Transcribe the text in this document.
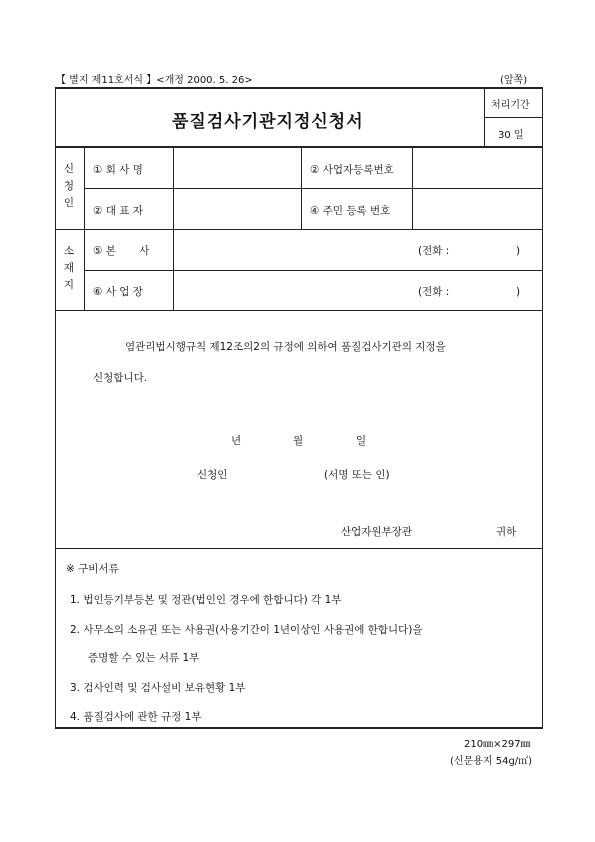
【 별지 제11호서식 】<개정 2000. 5. 26>	(앞쪽)
품질검사기관지정신청서
처리기간
30 일
신
청
인
① 회 사 명	② 사업자등록번호
② 대 표 자	④ 주민 등록 번호
소
재
지
⑤ 본       사	(전화 :                    )
⑥ 사 업 장	(전화 :                    )
염관리법시행규칙 제12조의2의 규정에 의하여 품질검사기관의 지정을
신청합니다.
년	월	일
신청인	(서명 또는 인)
산업자원부장관	귀하
※ 구비서류
1. 법인등기부등본 및 정관(법인인 경우에 한합니다) 각 1부
2. 사무소의 소유권 또는 사용권(사용기간이 1년이상인 사용권에 한합니다)을
증명할 수 있는 서류 1부
3. 검사인력 및 검사설비 보유현황 1부
4. 품질검사에 관한 규정 1부
210㎜×297㎜
(신문용지 54g/㎡)
